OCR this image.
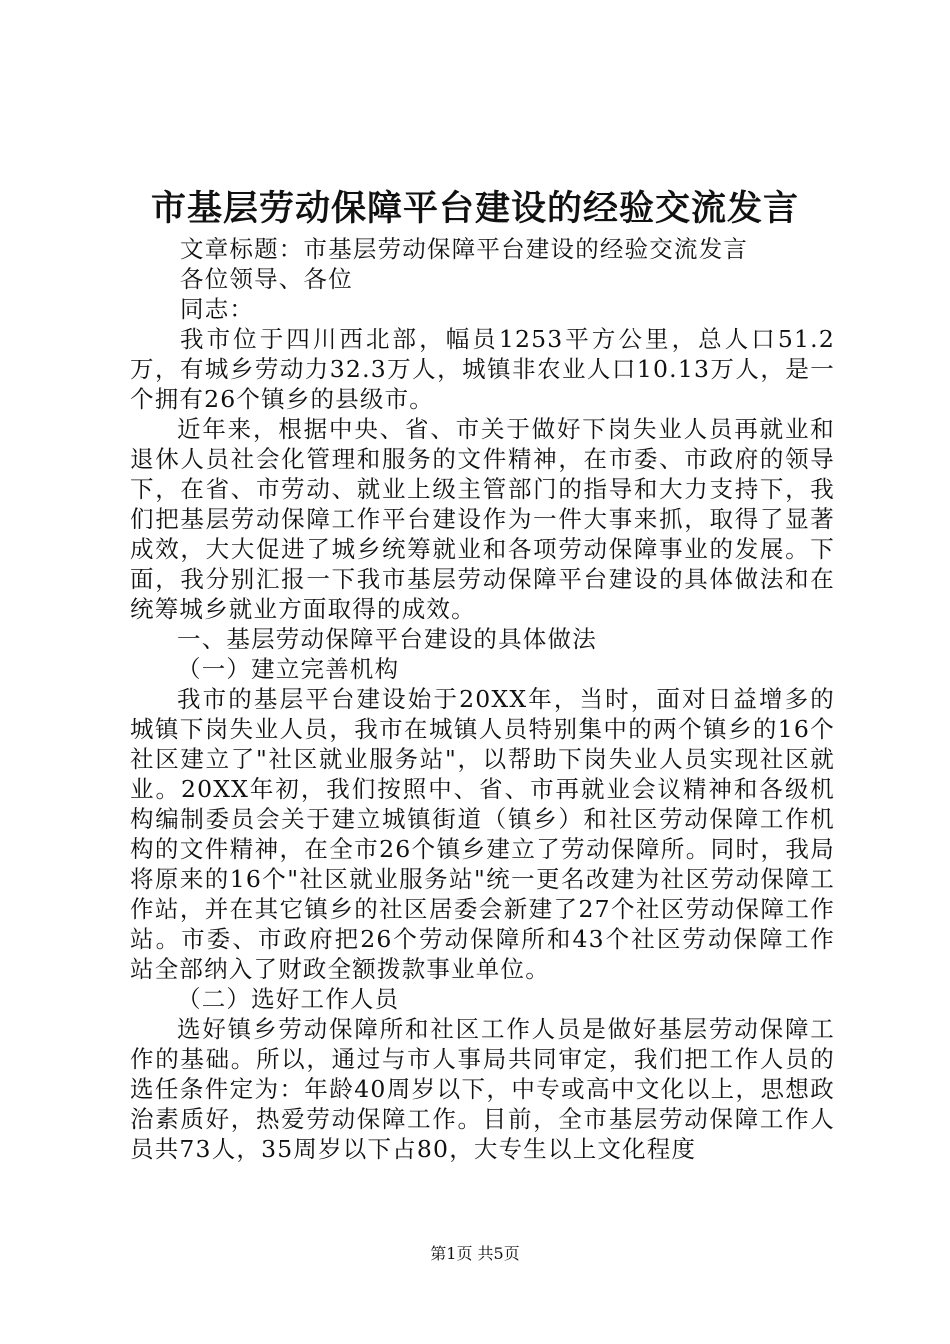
市基层劳动保障平台建设的经验交流发言

文章标题：市基层劳动保障平台建设的经验交流发言

各位领导、各位

同志：

我市位于四川西北部，幅员1253平方公里，总人口51.2万，有城乡劳动力32.3万人，城镇非农业人口10.13万人，是一个拥有26个镇乡的县级市。

近年来，根据中央、省、市关于做好下岗失业人员再就业和退休人员社会化管理和服务的文件精神，在市委、市政府的领导下，在省、市劳动、就业上级主管部门的指导和大力支持下，我们把基层劳动保障工作平台建设作为一件大事来抓，取得了显著成效，大大促进了城乡统筹就业和各项劳动保障事业的发展。下面，我分别汇报一下我市基层劳动保障平台建设的具体做法和在统筹城乡就业方面取得的成效。

一、基层劳动保障平台建设的具体做法

（一）建立完善机构

我市的基层平台建设始于20XX年，当时，面对日益增多的城镇下岗失业人员，我市在城镇人员特别集中的两个镇乡的16个社区建立了"社区就业服务站"，以帮助下岗失业人员实现社区就业。20XX年初，我们按照中、省、市再就业会议精神和各级机构编制委员会关于建立城镇街道（镇乡）和社区劳动保障工作机构的文件精神，在全市26个镇乡建立了劳动保障所。同时，我局将原来的16个"社区就业服务站"统一更名改建为社区劳动保障工作站，并在其它镇乡的社区居委会新建了27个社区劳动保障工作站。市委、市政府把26个劳动保障所和43个社区劳动保障工作站全部纳入了财政全额拨款事业单位。

（二）选好工作人员

选好镇乡劳动保障所和社区工作人员是做好基层劳动保障工作的基础。所以，通过与市人事局共同审定，我们把工作人员的选任条件定为：年龄40周岁以下，中专或高中文化以上，思想政治素质好，热爱劳动保障工作。目前，全市基层劳动保障工作人员共73人，35周岁以下占80，大专生以上文化程度

第1页 共5页
